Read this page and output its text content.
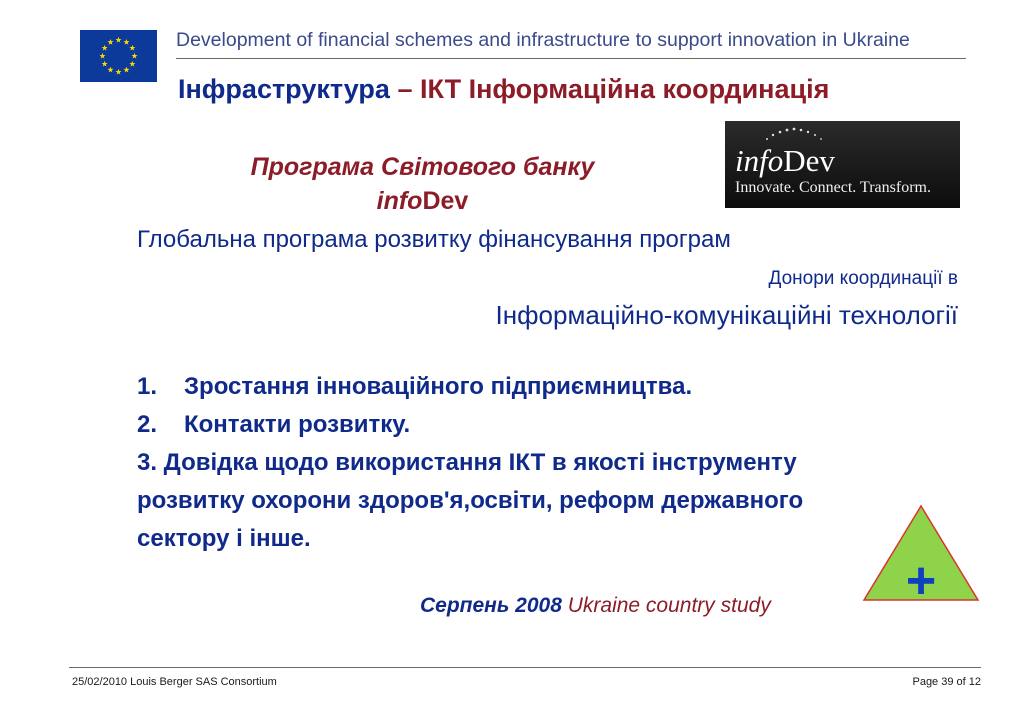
Development of financial schemes and infrastructure to support innovation in Ukraine
Інфраструктура – ІКТ Інформаційна координація
Програма Світового банку
infoDev
infoDev
Innovate. Connect. Transform.
Глобальна програма розвитку фінансування програм
Донори координації в
Інформаційно-комунікаційні технології
1. Зростання інноваційного підприємництва.
2. Контакти розвитку.
3. Довідка щодо використання ІКТ в якості інструменту розвитку охорони здоров'я,освіти, реформ державного сектору і інше.
+
Серпень 2008 Ukraine country study
25/02/2010 Louis Berger SAS Consortium	Page 39 of 12
